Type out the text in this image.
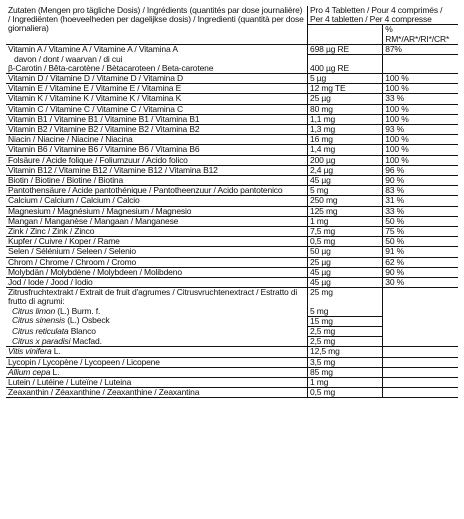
Zutaten (Mengen pro tägliche Dosis) / Ingrédients (quantités par dose journalière) / Ingrediënten (hoeveelheden per dagelijkse dosis) / Ingredienti (quantità per dose giornaliera)	Pro 4 Tabletten / Pour 4 comprimés / Per 4 tabletten / Per 4 compresse	
		% RM*/AR*/RI*/CR*
Vitamin A / Vitamine A / Vitamine A / Vitamina A	698 µg RE	87%
davon / dont / waarvan / di cui		
β-Carotin / Bêta-carotène / Bètacaroteen / Beta-carotene	400 µg RE	
Vitamin D / Vitamine D / Vitamine D / Vitamina D	5 µg	100 %
Vitamin E / Vitamine E / Vitamine E / Vitamina E	12 mg TE	100 %
Vitamin K / Vitamine K / Vitamine K / Vitamina K	25 µg	33 %
Vitamin C / Vitamine C / Vitamine C / Vitamina C	80 mg	100 %
Vitamin B1 / Vitamine B1 / Vitamine B1 / Vitamina B1	1,1 mg	100 %
Vitamin B2 / Vitamine B2 / Vitamine B2 / Vitamina B2	1,3 mg	93 %
Niacin / Niacine / Niacine / Niacina	16 mg	100 %
Vitamin B6 / Vitamine B6 / Vitamine B6 / Vitamina B6	1,4 mg	100 %
Folsäure / Acide folique / Foliumzuur / Acido folico	200 µg	100 %
Vitamin B12 / Vitamine B12 / Vitamine B12 / Vitamina B12	2,4 µg	96 %
Biotin / Biotine / Biotine / Biotina	45 µg	90 %
Pantothensäure / Acide pantothénique / Pantotheenzuur / Acido pantotenico	5 mg	83 %
Calcium / Calcium / Calcium / Calcio	250 mg	31 %
Magnesium / Magnésium / Magnesium / Magnesio	125 mg	33 %
Mangan / Manganèse / Mangaan / Manganese	1 mg	50 %
Zink / Zinc / Zink / Zinco	7,5 mg	75 %
Kupfer / Cuivre / Koper / Rame	0,5 mg	50 %
Selen / Sélénium / Seleen / Selenio	50 µg	91 %
Chrom / Chrome / Chroom / Cromo	25 µg	62 %
Molybdän / Molybdène / Molybdeen / Molibdeno	45 µg	90 %
Jod / Iode / Jood / Iodio	45 µg	30 %
Zitrusfruchtextrakt / Extrait de fruit d'agrumes / Citrusvruchtenextract / Estratto di frutto di agrumi:	25 mg	
Citrus limon (L.) Burm. f.	5 mg	
Citrus sinensis (L.) Osbeck	15 mg	
Citrus reticulata Blanco	2,5 mg	
Citrus x paradisi Macfad.	2,5 mg	
Vitis vinifera L.	12,5 mg	
Lycopin / Lycopène / Lycopeen / Licopene	3,5 mg	
Allium cepa L.	85 mg	
Lutein / Lutéine / Luteïne / Luteina	1 mg	
Zeaxanthin / Zéaxanthine / Zeaxanthine / Zeaxantina	0,5 mg	
